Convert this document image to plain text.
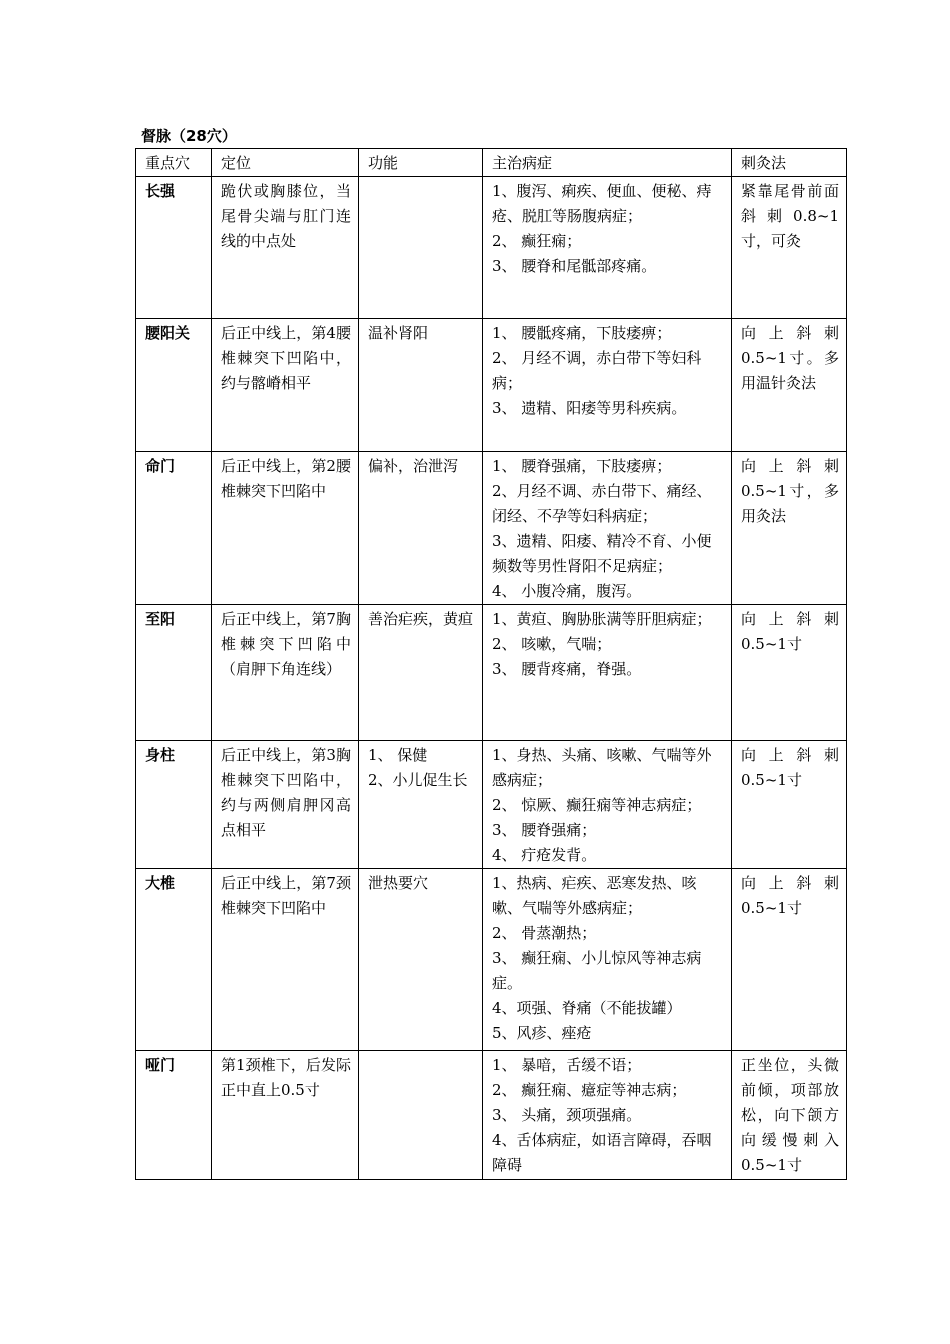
督脉（28穴）
重点穴	定位	功能	主治病症	刺灸法
长强	跪伏或胸膝位，当尾骨尖端与肛门连线的中点处		1、腹泻、痢疾、便血、便秘、痔疮、脱肛等肠腹病症；
2、 癫狂痫；
3、 腰脊和尾骶部疼痛。	紧靠尾骨前面斜刺0.8~1寸，可灸
腰阳关	后正中线上，第4腰椎棘突下凹陷中，约与髂嵴相平	温补肾阳	1、 腰骶疼痛，下肢痿痹；
2、 月经不调，赤白带下等妇科病；
3、 遗精、阳痿等男科疾病。	向上斜刺0.5~1寸。多用温针灸法
命门	后正中线上，第2腰椎棘突下凹陷中	偏补，治泄泻	1、 腰脊强痛，下肢痿痹；
2、月经不调、赤白带下、痛经、闭经、不孕等妇科病症；
3、遗精、阳痿、精冷不育、小便频数等男性肾阳不足病症；
4、 小腹冷痛，腹泻。	向上斜刺0.5~1寸，多用灸法
至阳	后正中线上，第7胸椎棘突下凹陷中（肩胛下角连线）	善治疟疾，黄疸	1、黄疸、胸胁胀满等肝胆病症；
2、 咳嗽，气喘；
3、 腰背疼痛，脊强。	向上斜刺0.5~1寸
身柱	后正中线上，第3胸椎棘突下凹陷中，约与两侧肩胛冈高点相平	1、 保健
2、小儿促生长	1、身热、头痛、咳嗽、气喘等外感病症；
2、 惊厥、癫狂痫等神志病症；
3、 腰脊强痛；
4、 疔疮发背。	向上斜刺0.5~1寸
大椎	后正中线上，第7颈椎棘突下凹陷中	泄热要穴	1、热病、疟疾、恶寒发热、咳嗽、气喘等外感病症；
2、 骨蒸潮热；
3、 癫狂痫、小儿惊风等神志病症。
4、项强、脊痛（不能拔罐）
5、风疹、痤疮	向上斜刺0.5~1寸
哑门	第1颈椎下，后发际正中直上0.5寸		1、 暴喑，舌缓不语；
2、 癫狂痫、癔症等神志病；
3、 头痛，颈项强痛。
4、舌体病症，如语言障碍，吞咽障碍	正坐位，头微前倾，项部放松，向下颌方向缓慢刺入0.5~1寸
